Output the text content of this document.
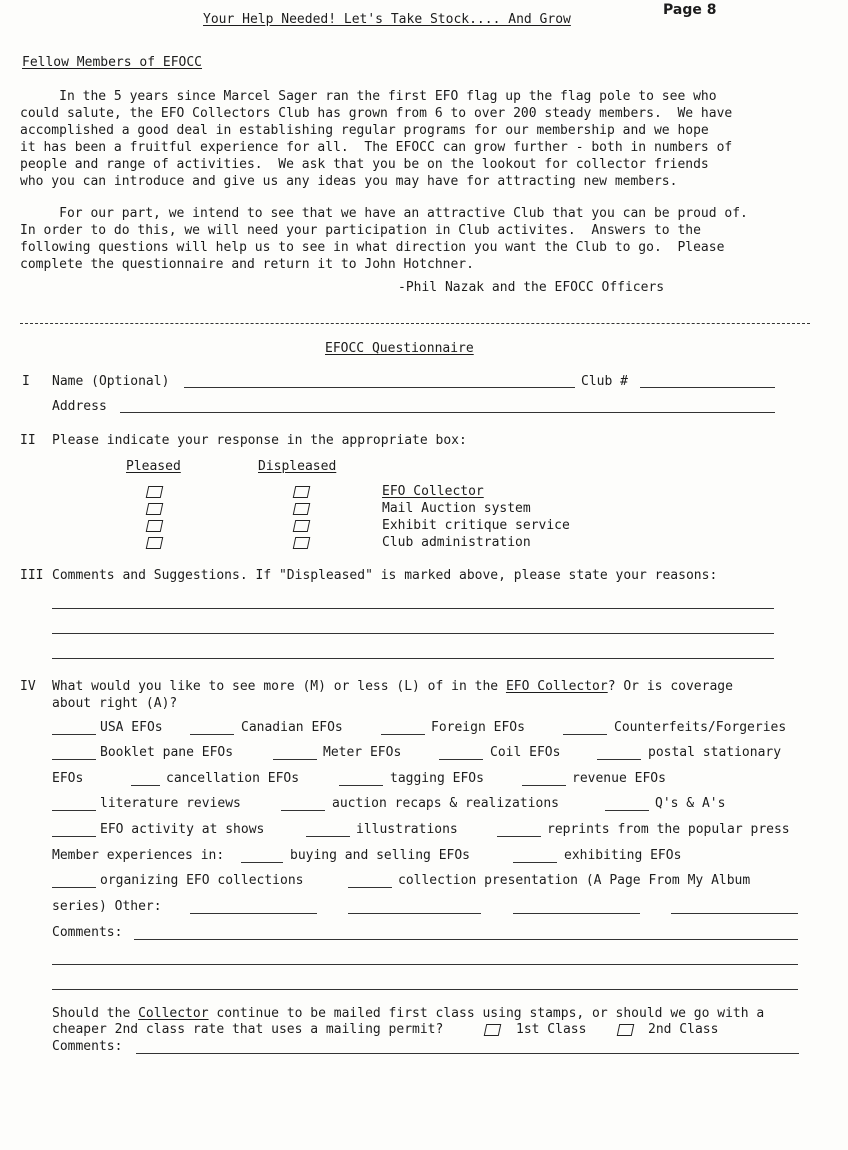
Your Help Needed! Let's Take Stock.... And Grow
Page 8
Fellow Members of EFOCC
In the 5 years since Marcel Sager ran the first EFO flag up the flag pole to see who
could salute, the EFO Collectors Club has grown from 6 to over 200 steady members.  We have
accomplished a good deal in establishing regular programs for our membership and we hope
it has been a fruitful experience for all.  The EFOCC can grow further - both in numbers of
people and range of activities.  We ask that you be on the lookout for collector friends
who you can introduce and give us any ideas you may have for attracting new members.
For our part, we intend to see that we have an attractive Club that you can be proud of.
In order to do this, we will need your participation in Club activites.  Answers to the
following questions will help us to see in what direction you want the Club to go.  Please
complete the questionnaire and return it to John Hotchner.
-Phil Nazak and the EFOCC Officers
EFOCC Questionnaire
I Name (Optional)	Club #
Address
II Please indicate your response in the appropriate box:
Pleased	Displeased
EFO Collector
Mail Auction system
Exhibit critique service
Club administration
III Comments and Suggestions. If "Displeased" is marked above, please state your reasons:
IV What would you like to see more (M) or less (L) of in the EFO Collector? Or is coverage
about right (A)?
USA EFOs	Canadian EFOs	Foreign EFOs	Counterfeits/Forgeries
Booklet pane EFOs	Meter EFOs	Coil EFOs	postal stationary
EFOs	cancellation EFOs	tagging EFOs	revenue EFOs
literature reviews	auction recaps & realizations	Q's & A's
EFO activity at shows	illustrations	reprints from the popular press
Member experiences in:	buying and selling EFOs	exhibiting EFOs
organizing EFO collections	collection presentation (A Page From My Album
series) Other:
Comments:
Should the Collector continue to be mailed first class using stamps, or should we go with a
cheaper 2nd class rate that uses a mailing permit?	1st Class	2nd Class
Comments:
